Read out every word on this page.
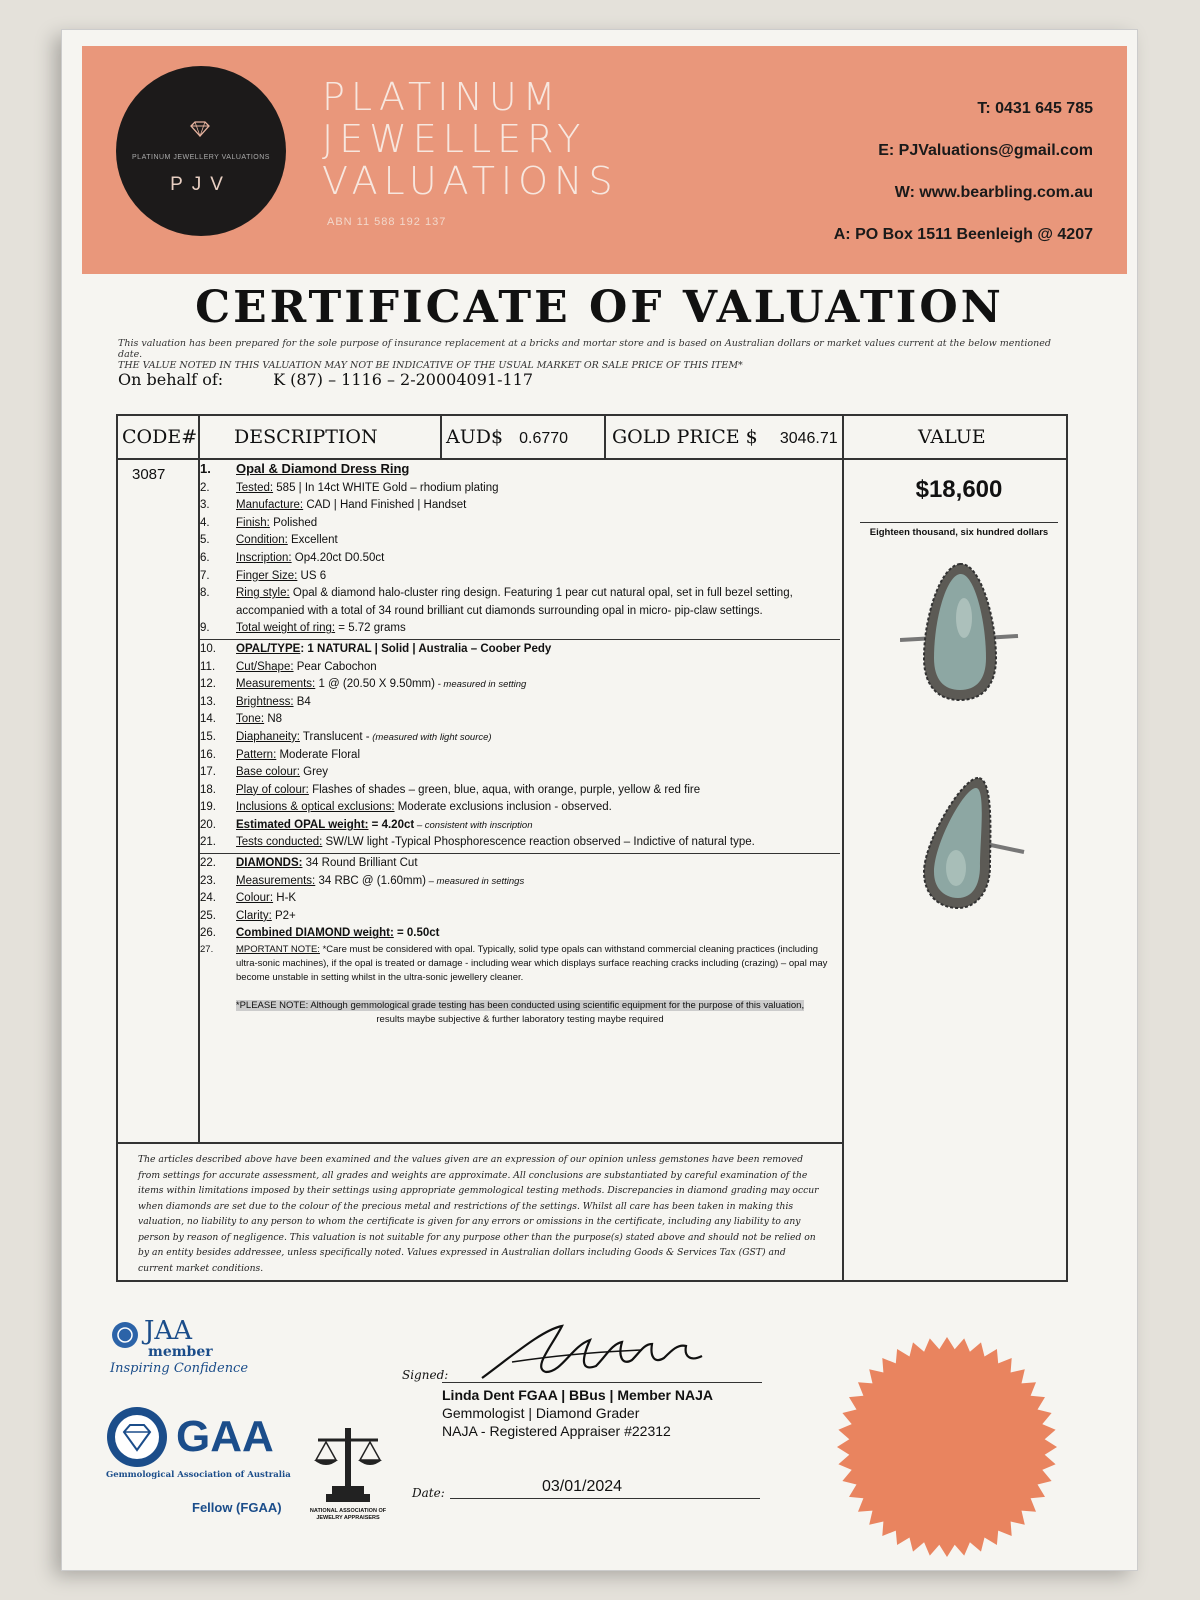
PLATINUM JEWELLERY VALUATIONS
PJV
PLATINUM
JEWELLERY
VALUATIONS
ABN 11 588 192 137
T: 0431 645 785
E: PJValuations@gmail.com
W: www.bearbling.com.au
A: PO Box 1511 Beenleigh @ 4207
CERTIFICATE OF VALUATION
This valuation has been prepared for the sole purpose of insurance replacement at a bricks and mortar store and is based on Australian dollars or market values current at the below mentioned date.
THE VALUE NOTED IN THIS VALUATION MAY NOT BE INDICATIVE OF THE USUAL MARKET OR SALE PRICE OF THIS ITEM*
On behalf of:	K (87) – 1116 – 2-20004091-117
CODE# DESCRIPTION	AUD$ 0.6770 GOLD PRICE $ 3046.71	VALUE
3087	1. Opal & Diamond Dress Ring
2. Tested: 585 | In 14ct WHITE Gold – rhodium plating
3. Manufacture: CAD | Hand Finished | Handset
4. Finish: Polished
5. Condition: Excellent
6. Inscription: Op4.20ct D0.50ct
7. Finger Size: US 6
8.	Ring style: Opal & diamond halo-cluster ring design. Featuring 1 pear cut natural opal, set in full bezel setting, accompanied with a total of 34 round brilliant cut diamonds surrounding opal in micro- pip-claw settings.
9. Total weight of ring: = 5.72 grams
10. OPAL/TYPE: 1 NATURAL | Solid | Australia – Coober Pedy
11. Cut/Shape: Pear Cabochon
12. Measurements: 1 @ (20.50 X 9.50mm) - measured in setting
13. Brightness: B4
14. Tone: N8
15. Diaphaneity: Translucent - (measured with light source)
16. Pattern: Moderate Floral
17. Base colour: Grey
18. Play of colour: Flashes of shades – green, blue, aqua, with orange, purple, yellow & red fire
19. Inclusions & optical exclusions: Moderate exclusions inclusion - observed.
20. Estimated OPAL weight: = 4.20ct – consistent with inscription
21. Tests conducted: SW/LW light -Typical Phosphorescence reaction observed – Indictive of natural type.
22. DIAMONDS: 34 Round Brilliant Cut
23. Measurements: 34 RBC @ (1.60mm) – measured in settings
24. Colour: H-K
25. Clarity: P2+
26. Combined DIAMOND weight: = 0.50ct
27.	MPORTANT NOTE: *Care must be considered with opal. Typically, solid type opals can withstand commercial cleaning practices (including ultra-sonic machines), if the opal is treated or damage - including wear which displays surface reaching cracks including (crazing) – opal may become unstable in setting whilst in the ultra-sonic jewellery cleaner.
*PLEASE NOTE: Although gemmological grade testing has been conducted using scientific equipment for the purpose of this valuation,
results maybe subjective & further laboratory testing maybe required
$18,600
Eighteen thousand, six hundred dollars
The articles described above have been examined and the values given are an expression of our opinion unless gemstones have been removed from settings for accurate assessment, all grades and weights are approximate. All conclusions are substantiated by careful examination of the items within limitations imposed by their settings using appropriate gemmological testing methods. Discrepancies in diamond grading may occur when diamonds are set due to the colour of the precious metal and restrictions of the settings. Whilst all care has been taken in making this valuation, no liability to any person to whom the certificate is given for any errors or omissions in the certificate, including any liability to any person by reason of negligence. This valuation is not suitable for any purpose other than the purpose(s) stated above and should not be relied on by an entity besides addressee, unless specifically noted. Values expressed in Australian dollars including Goods & Services Tax (GST) and current market conditions.
JAA
member
Inspiring Confidence
GAA
Gemmological Association of Australia
Fellow (FGAA)	NATIONAL ASSOCIATION OF JEWELRY APPRAISERS
Signed:
Linda Dent FGAA | BBus | Member NAJA
Gemmologist | Diamond Grader
NAJA - Registered Appraiser #22312
Date:	03/01/2024
